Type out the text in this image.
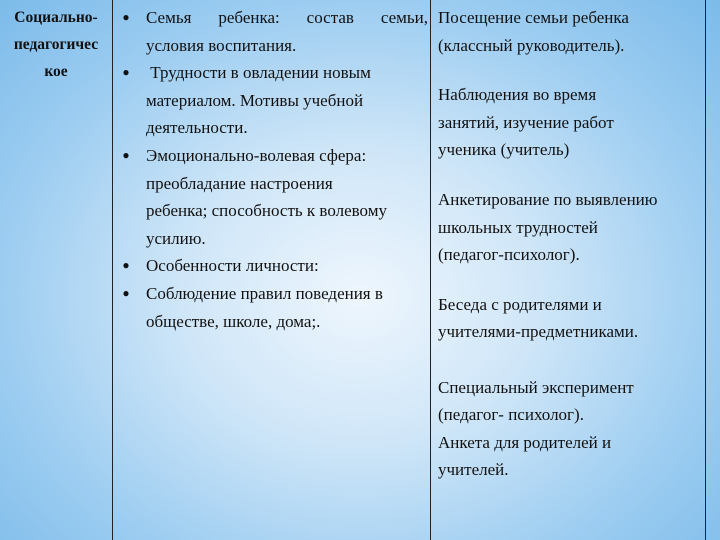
Социально-
педагогичес
кое
●
Семья ребенка: состав семьи,
условия воспитания.
●
Трудности в овладении новым
материалом. Мотивы учебной
деятельности.
●
Эмоционально-волевая сфера:
преобладание настроения
ребенка; способность к волевому
усилию.
●
Особенности личности:
●
Соблюдение правил поведения в
обществе, школе, дома;.
Посещение семьи ребенка
(классный руководитель).
Наблюдения во время
занятий, изучение работ
ученика (учитель)
Анкетирование по выявлению
школьных трудностей
(педагог-психолог).
Беседа с родителями и
учителями-предметниками.
Специальный эксперимент
(педагог- психолог).
Анкета для родителей и
учителей.
